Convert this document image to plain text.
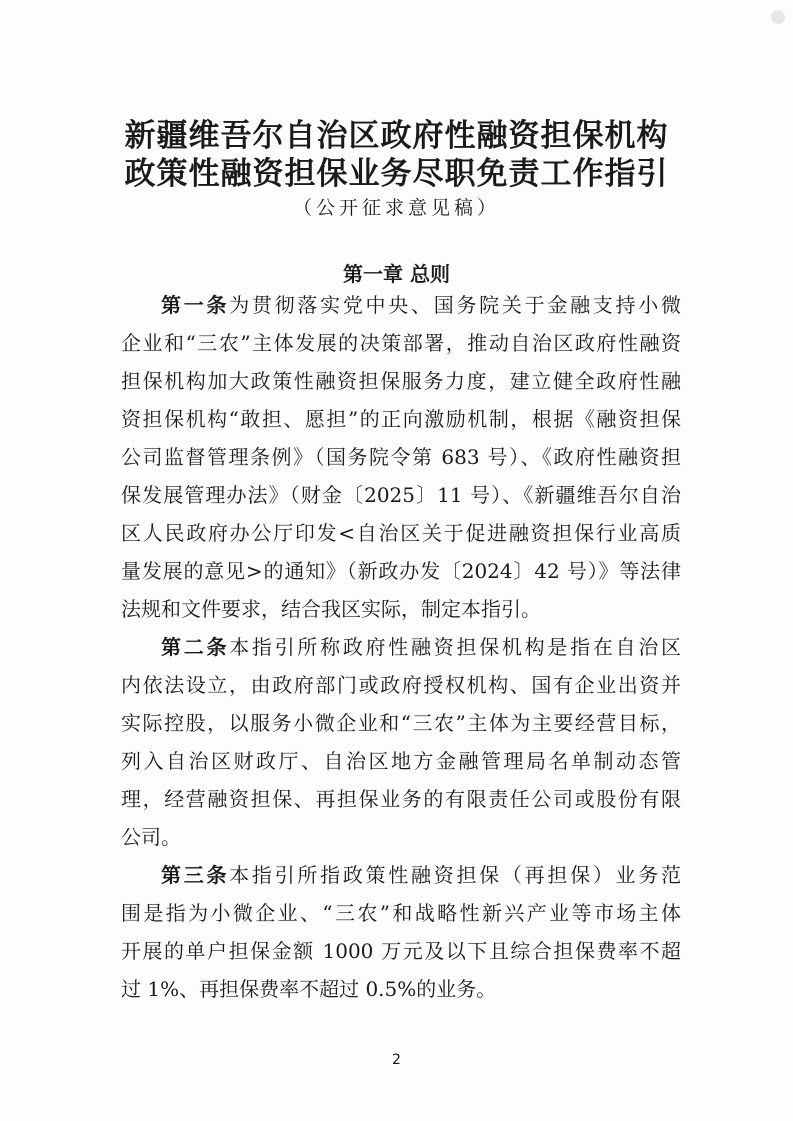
新疆维吾尔自治区政府性融资担保机构
政策性融资担保业务尽职免责工作指引
（公开征求意见稿）
第一章 总则
第一条为贯彻落实党中央、国务院关于金融支持小微
企业和“三农”主体发展的决策部署，推动自治区政府性融资
担保机构加大政策性融资担保服务力度，建立健全政府性融
资担保机构“敢担、愿担”的正向激励机制，根据《融资担保
公司监督管理条例》（国务院令第 683 号）、《政府性融资担
保发展管理办法》（财金〔2025〕11 号）、《新疆维吾尔自治
区人民政府办公厅印发<自治区关于促进融资担保行业高质
量发展的意见>的通知》（新政办发〔2024〕42 号）》等法律
法规和文件要求，结合我区实际，制定本指引。
第二条本指引所称政府性融资担保机构是指在自治区
内依法设立，由政府部门或政府授权机构、国有企业出资并
实际控股，以服务小微企业和“三农”主体为主要经营目标，
列入自治区财政厅、自治区地方金融管理局名单制动态管
理，经营融资担保、再担保业务的有限责任公司或股份有限
公司。
第三条本指引所指政策性融资担保（再担保）业务范
围是指为小微企业、“三农”和战略性新兴产业等市场主体
开展的单户担保金额 1000 万元及以下且综合担保费率不超
过 1%、再担保费率不超过 0.5%的业务。
2
